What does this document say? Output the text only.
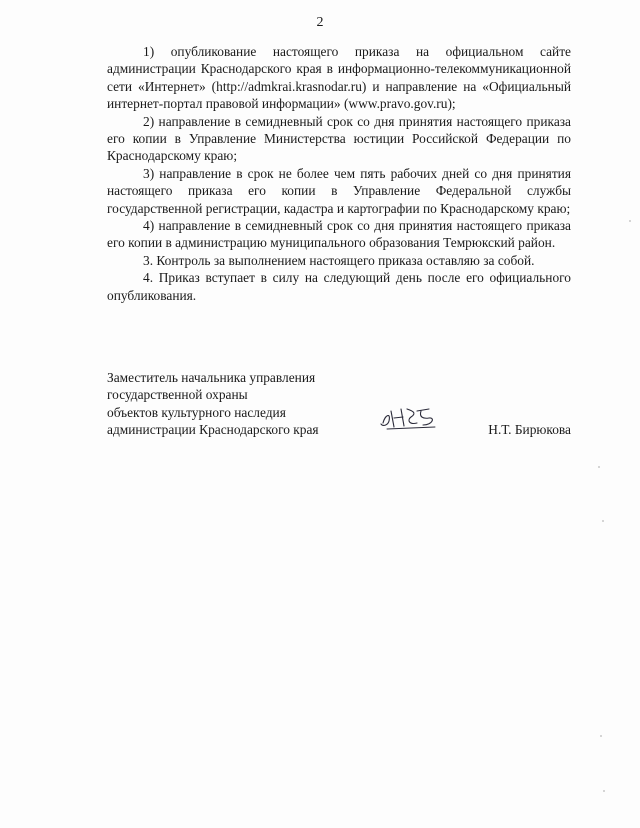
2

1) опубликование настоящего приказа на официальном сайте администрации Краснодарского края в информационно-телекоммуникационной сети «Интернет» (http://admkrai.krasnodar.ru) и направление на «Официальный интернет-портал правовой информации» (www.pravo.gov.ru);

2) направление в семидневный срок со дня принятия настоящего приказа его копии в Управление Министерства юстиции Российской Федерации по Краснодарскому краю;

3) направление в срок не более чем пять рабочих дней со дня принятия настоящего приказа его копии в Управление Федеральной службы государственной регистрации, кадастра и картографии по Краснодарскому краю;

4) направление в семидневный срок со дня принятия настоящего приказа его копии в администрацию муниципального образования Темрюкский район.

3. Контроль за выполнением настоящего приказа оставляю за собой.

4. Приказ вступает в силу на следующий день после его официального опубликования.

Заместитель начальника управления
государственной охраны
объектов культурного наследия
администрации Краснодарского края	Н.Т. Бирюкова
